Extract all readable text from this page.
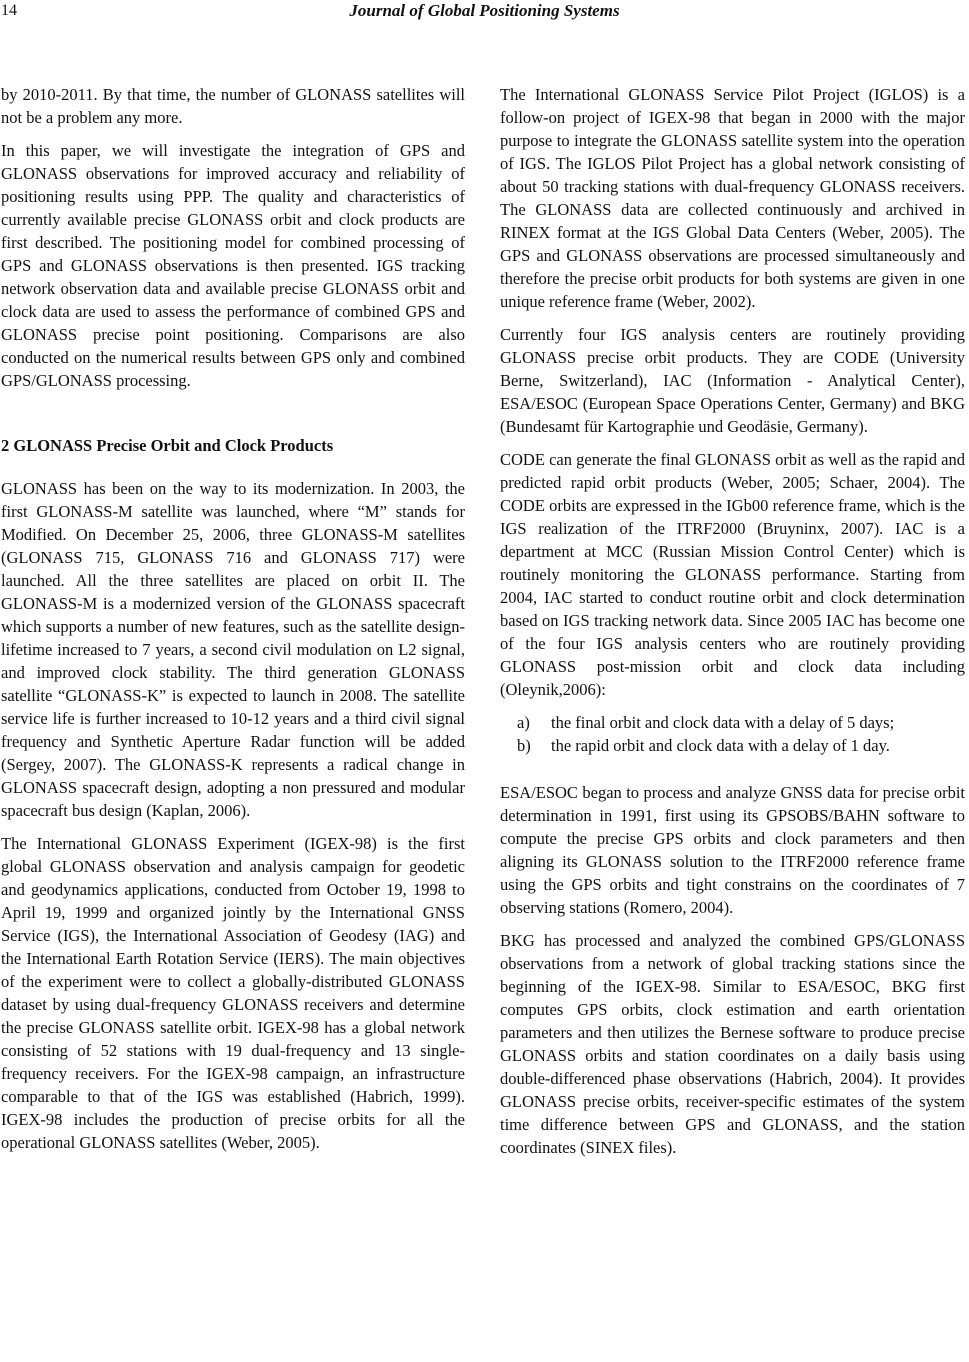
14	Journal of Global Positioning Systems

by 2010-2011. By that time, the number of GLONASS satellites will not be a problem any more.

In this paper, we will investigate the integration of GPS and GLONASS observations for improved accuracy and reliability of positioning results using PPP. The quality and characteristics of currently available precise GLONASS orbit and clock products are first described. The positioning model for combined processing of GPS and GLONASS observations is then presented. IGS tracking network observation data and available precise GLONASS orbit and clock data are used to assess the performance of combined GPS and GLONASS precise point positioning. Comparisons are also conducted on the numerical results between GPS only and combined GPS/GLONASS processing.

2 GLONASS Precise Orbit and Clock Products

GLONASS has been on the way to its modernization. In 2003, the first GLONASS-M satellite was launched, where “M” stands for Modified. On December 25, 2006, three GLONASS-M satellites (GLONASS 715, GLONASS 716 and GLONASS 717) were launched. All the three satellites are placed on orbit II. The GLONASS-M is a modernized version of the GLONASS spacecraft which supports a number of new features, such as the satellite design-lifetime increased to 7 years, a second civil modulation on L2 signal, and improved clock stability. The third generation GLONASS satellite “GLONASS-K” is expected to launch in 2008. The satellite service life is further increased to 10-12 years and a third civil signal frequency and Synthetic Aperture Radar function will be added (Sergey, 2007). The GLONASS-K represents a radical change in GLONASS spacecraft design, adopting a non pressured and modular spacecraft bus design (Kaplan, 2006).

The International GLONASS Experiment (IGEX-98) is the first global GLONASS observation and analysis campaign for geodetic and geodynamics applications, conducted from October 19, 1998 to April 19, 1999 and organized jointly by the International GNSS Service (IGS), the International Association of Geodesy (IAG) and the International Earth Rotation Service (IERS). The main objectives of the experiment were to collect a globally-distributed GLONASS dataset by using dual-frequency GLONASS receivers and determine the precise GLONASS satellite orbit. IGEX-98 has a global network consisting of 52 stations with 19 dual-frequency and 13 single-frequency receivers. For the IGEX-98 campaign, an infrastructure comparable to that of the IGS was established (Habrich, 1999). IGEX-98 includes the production of precise orbits for all the operational GLONASS satellites (Weber, 2005).

The International GLONASS Service Pilot Project (IGLOS) is a follow-on project of IGEX-98 that began in 2000 with the major purpose to integrate the GLONASS satellite system into the operation of IGS. The IGLOS Pilot Project has a global network consisting of about 50 tracking stations with dual-frequency GLONASS receivers. The GLONASS data are collected continuously and archived in RINEX format at the IGS Global Data Centers (Weber, 2005). The GPS and GLONASS observations are processed simultaneously and therefore the precise orbit products for both systems are given in one unique reference frame (Weber, 2002).

Currently four IGS analysis centers are routinely providing GLONASS precise orbit products. They are CODE (University Berne, Switzerland), IAC (Information - Analytical Center), ESA/ESOC (European Space Operations Center, Germany) and BKG (Bundesamt für Kartographie und Geodäsie, Germany).

CODE can generate the final GLONASS orbit as well as the rapid and predicted rapid orbit products (Weber, 2005; Schaer, 2004). The CODE orbits are expressed in the IGb00 reference frame, which is the IGS realization of the ITRF2000 (Bruyninx, 2007). IAC is a department at MCC (Russian Mission Control Center) which is routinely monitoring the GLONASS performance. Starting from 2004, IAC started to conduct routine orbit and clock determination based on IGS tracking network data. Since 2005 IAC has become one of the four IGS analysis centers who are routinely providing GLONASS post-mission orbit and clock data including (Oleynik,2006):

a)	the final orbit and clock data with a delay of 5 days;
b)	the rapid orbit and clock data with a delay of 1 day.

ESA/ESOC began to process and analyze GNSS data for precise orbit determination in 1991, first using its GPSOBS/BAHN software to compute the precise GPS orbits and clock parameters and then aligning its GLONASS solution to the ITRF2000 reference frame using the GPS orbits and tight constrains on the coordinates of 7 observing stations (Romero, 2004).

BKG has processed and analyzed the combined GPS/GLONASS observations from a network of global tracking stations since the beginning of the IGEX-98. Similar to ESA/ESOC, BKG first computes GPS orbits, clock estimation and earth orientation parameters and then utilizes the Bernese software to produce precise GLONASS orbits and station coordinates on a daily basis using double-differenced phase observations (Habrich, 2004). It provides GLONASS precise orbits, receiver-specific estimates of the system time difference between GPS and GLONASS, and the station coordinates (SINEX files).
